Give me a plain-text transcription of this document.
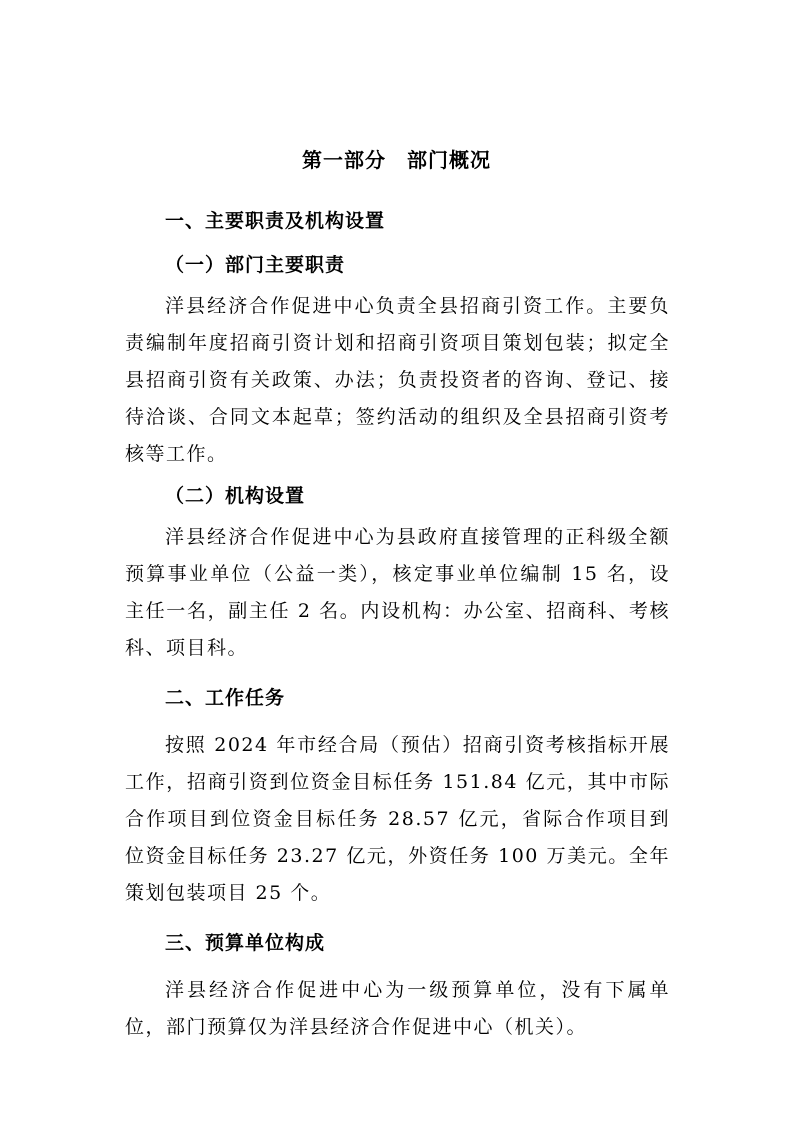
第一部分　部门概况
一、主要职责及机构设置
（一）部门主要职责

洋县经济合作促进中心负责全县招商引资工作。主要负责编制年度招商引资计划和招商引资项目策划包装；拟定全县招商引资有关政策、办法；负责投资者的咨询、登记、接待洽谈、合同文本起草；签约活动的组织及全县招商引资考核等工作。

（二）机构设置

洋县经济合作促进中心为县政府直接管理的正科级全额预算事业单位（公益一类），核定事业单位编制 15 名，设主任一名，副主任 2 名。内设机构：办公室、招商科、考核科、项目科。

二、工作任务

按照 2024 年市经合局（预估）招商引资考核指标开展工作，招商引资到位资金目标任务 151.84 亿元，其中市际合作项目到位资金目标任务 28.57 亿元，省际合作项目到位资金目标任务 23.27 亿元，外资任务 100 万美元。全年策划包装项目 25 个。

三、预算单位构成

洋县经济合作促进中心为一级预算单位，没有下属单位，部门预算仅为洋县经济合作促进中心（机关）。
